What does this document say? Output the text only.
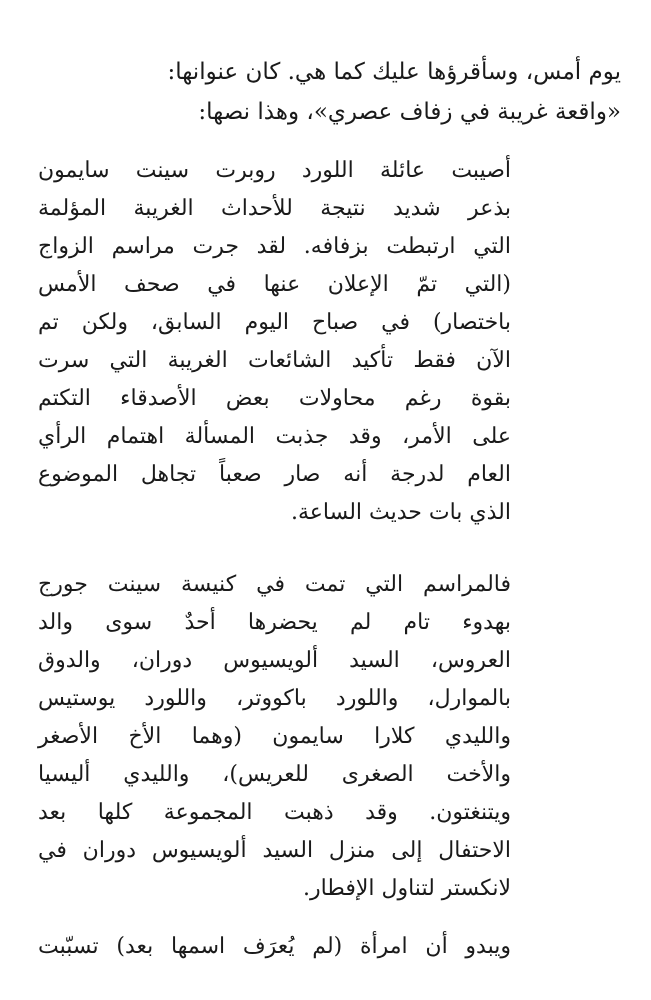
يوم أمس، وسأقرؤها عليك كما هي. كان عنوانها:
«واقعة غريبة في زفاف عصري»، وهذا نصها:
أصيبت عائلة اللورد روبرت سينت سايمون
بذعر شديد نتيجة للأحداث الغريبة المؤلمة
التي ارتبطت بزفافه. لقد جرت مراسم الزواج
(التي تمّ الإعلان عنها في صحف الأمس
باختصار) في صباح اليوم السابق، ولكن تم
الآن فقط تأكيد الشائعات الغريبة التي سرت
بقوة رغم محاولات بعض الأصدقاء التكتم
على الأمر، وقد جذبت المسألة اهتمام الرأي
العام لدرجة أنه صار صعباً تجاهل الموضوع
الذي بات حديث الساعة.
فالمراسم التي تمت في كنيسة سينت جورج
بهدوء تام لم يحضرها أحدٌ سوى والد
العروس، السيد ألويسيوس دوران، والدوق
بالموارل، واللورد باكووتر، واللورد يوستيس
والليدي كلارا سايمون (وهما الأخ الأصغر
والأخت الصغرى للعريس)، والليدي أليسيا
ويتنغتون. وقد ذهبت المجموعة كلها بعد
الاحتفال إلى منزل السيد ألويسيوس دوران في
لانكستر لتناول الإفطار.
ويبدو أن امرأة (لم يُعرَف اسمها بعد) تسبّبت
